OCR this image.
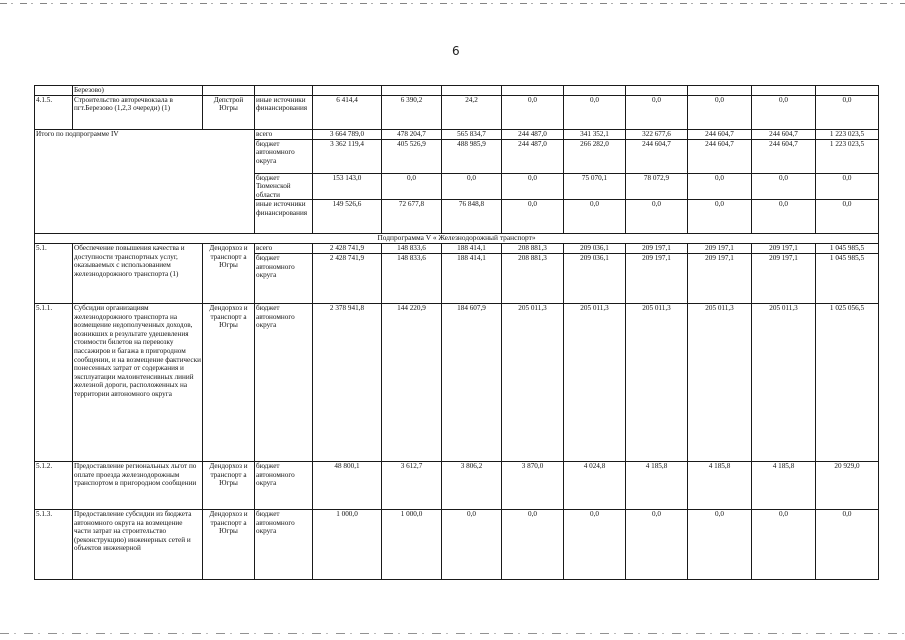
6
	Березово)											
4.1.5.	Строительство автоpечвокзала в пгт.Березово (1,2,3 очереди) (1)	Депстрой Югры	иные источники финансирования	6 414,4	6 390,2	24,2	0,0	0,0	0,0	0,0	0,0	0,0
Итого по подпрограмме IV			всего	3 664 789,0	478 204,7	565 834,7	244 487,0	341 352,1	322 677,6	244 604,7	244 604,7	1 223 023,5
			бюджет автономного округа	3 362 119,4	405 526,9	488 985,9	244 487,0	266 282,0	244 604,7	244 604,7	244 604,7	1 223 023,5
			бюджет Тюменской области	153 143,0	0,0	0,0	0,0	75 070,1	78 072,9	0,0	0,0	0,0
			иные источники финансирования	149 526,6	72 677,8	76 848,8	0,0	0,0	0,0	0,0	0,0	0,0
Подпрограмма V « Железнодорожный транспорт»												
5.1.	Обеспечение повышения качества и доступности транспортных услуг, оказываемых с использованием железнодорожного транспорта (1)	Дендорхоз и транспорт а Югры	всего	2 428 741,9	148 833,6	188 414,1	208 881,3	209 036,1	209 197,1	209 197,1	209 197,1	1 045 985,5
			бюджет автономного округа	2 428 741,9	148 833,6	188 414,1	208 881,3	209 036,1	209 197,1	209 197,1	209 197,1	1 045 985,5
5.1.1.	Субсидии организациям железнодорожного транспорта на возмещение недополученных доходов, возникших в результате удешевления стоимости билетов на перевозку пассажиров и багажа в пригородном сообщении, и на возмещение фактически понесенных затрат от содержания и эксплуатации малоинтенсивных линий железной дороги, расположенных на территории автономного округа	Дендорхоз и транспорт а Югры	бюджет автономного округа	2 378 941,8	144 220,9	184 607,9	205 011,3	205 011,3	205 011,3	205 011,3	205 011,3	1 025 056,5
5.1.2.	Предоставление региональных льгот по оплате проезда железнодорожным транспортом в пригородном сообщении	Дендорхоз и транспорт а Югры	бюджет автономного округа	48 800,1	3 612,7	3 806,2	3 870,0	4 024,8	4 185,8	4 185,8	4 185,8	20 929,0
5.1.3.	Предоставление субсидии из бюджета автономного округа на возмещение части затрат на строительство (реконструкцию) инженерных сетей и объектов инженерной	Дендорхоз и транспорт а Югры	бюджет автономного округа	1 000,0	1 000,0	0,0	0,0	0,0	0,0	0,0	0,0	0,0
